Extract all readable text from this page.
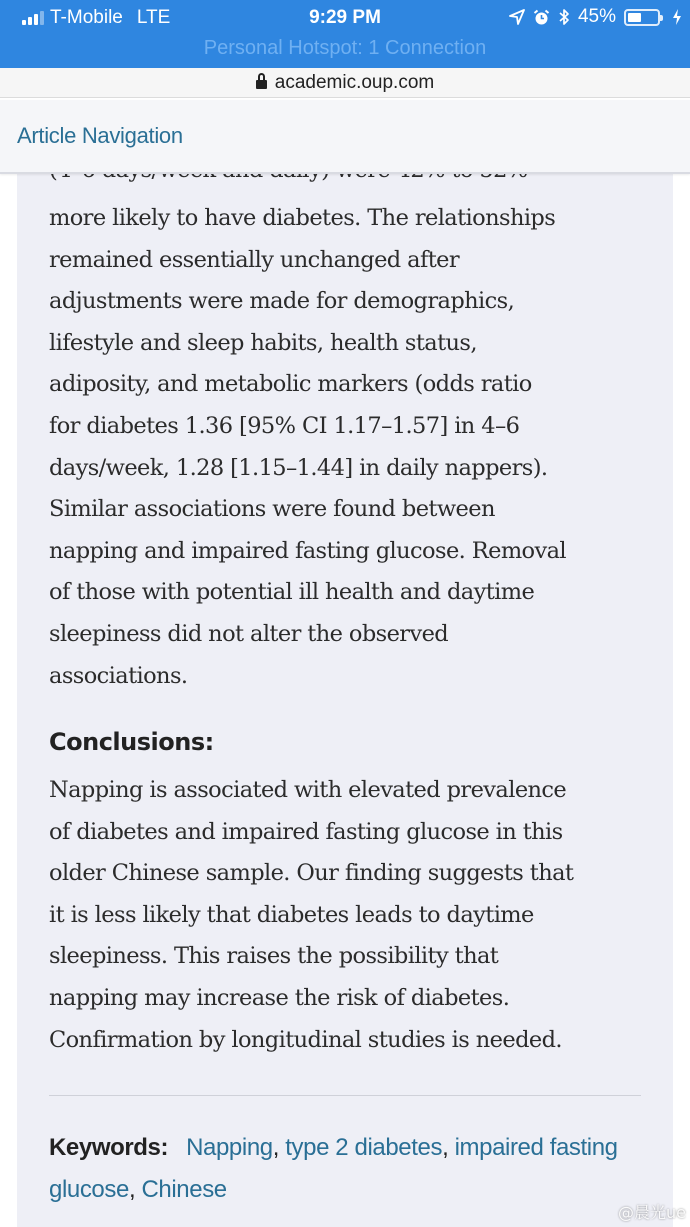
T-Mobile LTE	9:29 PM	45%
Personal Hotspot: 1 Connection
academic.oup.com
Article Navigation
more likely to have diabetes. The relationships
remained essentially unchanged after
adjustments were made for demographics,
lifestyle and sleep habits, health status,
adiposity, and metabolic markers (odds ratio
for diabetes 1.36 [95% CI 1.17–1.57] in 4–6
days/week, 1.28 [1.15–1.44] in daily nappers).
Similar associations were found between
napping and impaired fasting glucose. Removal
of those with potential ill health and daytime
sleepiness did not alter the observed
associations.
Conclusions:
Napping is associated with elevated prevalence
of diabetes and impaired fasting glucose in this
older Chinese sample. Our finding suggests that
it is less likely that diabetes leads to daytime
sleepiness. This raises the possibility that
napping may increase the risk of diabetes.
Confirmation by longitudinal studies is needed.
Keywords: Napping, type 2 diabetes, impaired fasting glucose, Chinese
@晨光ue
